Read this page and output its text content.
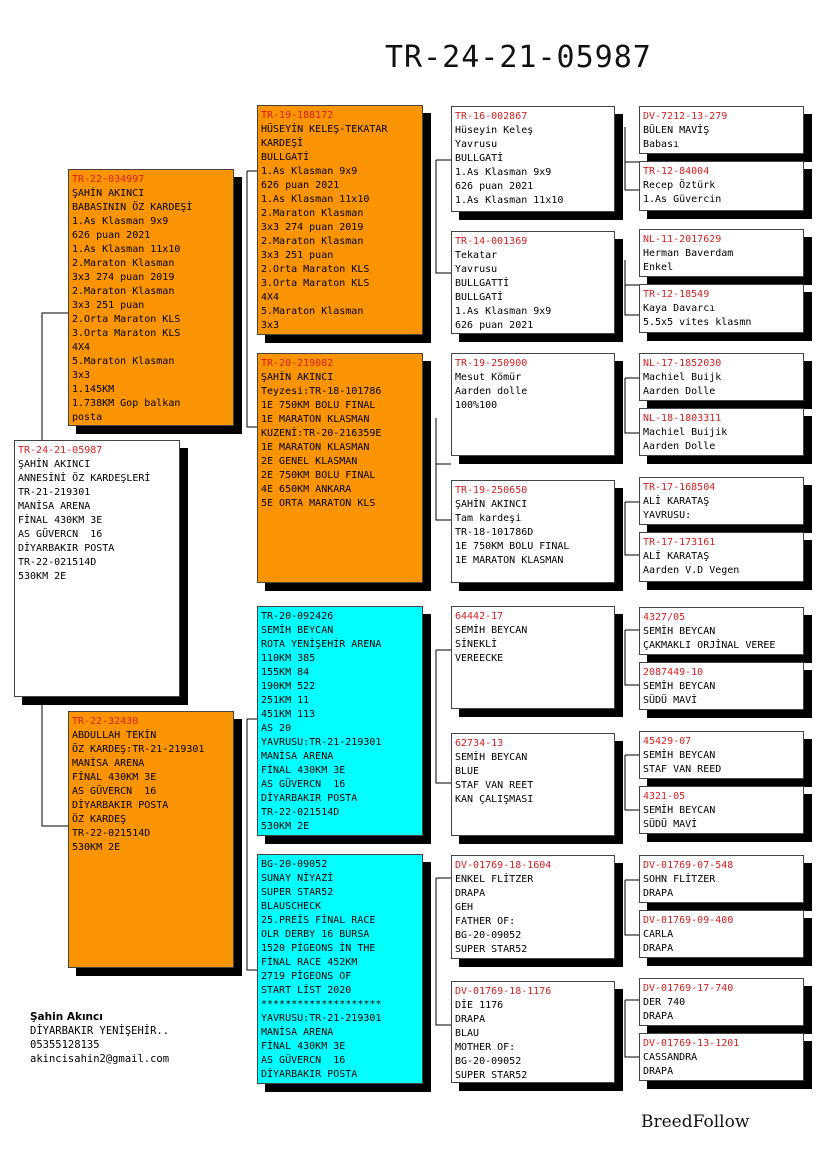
TR-24-21-05987
TR-24-21-05987
ŞAHİN AKINCI
ANNESİNİ ÖZ KARDEŞLERİ
TR-21-219301
MANİSA ARENA
FİNAL 430KM 3E
AS GÜVERCN  16
DİYARBAKIR POSTA
TR-22-021514D
530KM 2E
TR-22-034997
ŞAHİN AKINCI
BABASININ ÖZ KARDEŞİ
1.As Klasman 9x9
626 puan 2021
1.As Klasman 11x10
2.Maraton Klasman
3x3 274 puan 2019
2.Maraton Klasman
3x3 251 puan
2.Orta Maraton KLS
3.Orta Maraton KLS
4X4
5.Maraton Klasman
3x3
1.145KM
1.738KM Gop balkan
posta
TR-22-32430
ABDULLAH TEKİN
ÖZ KARDEŞ:TR-21-219301
MANİSA ARENA
FİNAL 430KM 3E
AS GÜVERCN  16
DİYARBAKIR POSTA
ÖZ KARDEŞ
TR-22-021514D
530KM 2E
TR-19-188172
HÜSEYİN KELEŞ-TEKATAR
KARDEŞİ
BULLGATİ
1.As Klasman 9x9
626 puan 2021
1.As Klasman 11x10
2.Maraton Klasman
3x3 274 puan 2019
2.Maraton Klasman
3x3 251 puan
2.Orta Maraton KLS
3.Orta Maraton KLS
4X4
5.Maraton Klasman
3x3
TR-20-219082
ŞAHİN AKINCI
Teyzesi:TR-18-101786
1E 750KM BOLU FINAL
1E MARATON KLASMAN
KUZENİ:TR-20-216359E
1E MARATON KLASMAN
2E GENEL KLASMAN
2E 750KM BOLU FINAL
4E 650KM ANKARA
5E ORTA MARATON KLS
TR-20-092426
SEMİH BEYCAN
ROTA YENİŞEHİR ARENA
110KM 385
155KM 84
190KM 522
251KM 11
451KM 113
AS 20
YAVRUSU:TR-21-219301
MANİSA ARENA
FİNAL 430KM 3E
AS GÜVERCN  16
DİYARBAKIR POSTA
TR-22-021514D
530KM 2E
BG-20-09052
SUNAY NİYAZİ
SUPER STAR52
BLAUSCHECK
25.PREİS FİNAL RACE
OLR DERBY 16 BURSA
1520 PİGEONS İN THE
FİNAL RACE 452KM
2719 PİGEONS OF
START LİST 2020
********************
YAVRUSU:TR-21-219301
MANİSA ARENA
FİNAL 430KM 3E
AS GÜVERCN  16
DİYARBAKIR POSTA
TR-16-002867
Hüseyin Keleş
Yavrusu
BULLGATİ
1.As Klasman 9x9
626 puan 2021
1.As Klasman 11x10
TR-14-001369
Tekatar
Yavrusu
BULLGATTİ
BULLGATİ
1.As Klasman 9x9
626 puan 2021
TR-19-250900
Mesut Kömür
Aarden dolle
100%100
TR-19-250650
ŞAHİN AKINCI
Tam kardeşi
TR-18-101786D
1E 750KM BOLU FINAL
1E MARATON KLASMAN
64442-17
SEMİH BEYCAN
SİNEKLİ
VEREECKE
62734-13
SEMİH BEYCAN
BLUE
STAF VAN REET
KAN ÇALIŞMASI
DV-01769-18-1604
ENKEL FLİTZER
DRAPA
GEH
FATHER OF:
BG-20-09052
SUPER STAR52
DV-01769-18-1176
DİE 1176
DRAPA
BLAU
MOTHER OF:
BG-20-09052
SUPER STAR52
DV-7212-13-279
BÜLEN MAVİŞ
Babası
TR-12-84004
Recep Öztürk
1.As Güvercin
NL-11-2017629
Herman Baverdam
Enkel
TR-12-18549
Kaya Davarcı
5.5x5 vites klasmn
NL-17-1852030
Machiel Buijk
Aarden Dolle
NL-18-1803311
Machiel Buijik
Aarden Dolle
TR-17-168504
ALİ KARATAŞ
YAVRUSU:
TR-17-173161
ALİ KARATAŞ
Aarden V.D Vegen
4327/05
SEMİH BEYCAN
ÇAKMAKLI ORJİNAL VEREE
2087449-10
SEMİH BEYCAN
SÜDÜ MAVİ
45429-07
SEMİH BEYCAN
STAF VAN REED
4321-05
SEMİH BEYCAN
SÜDÜ MAVİ
DV-01769-07-548
SOHN FLİTZER
DRAPA
DV-01769-09-400
CARLA
DRAPA
DV-01769-17-740
DER 740
DRAPA
DV-01769-13-1201
CASSANDRA
DRAPA
Şahin Akıncı
DİYARBAKIR YENİŞEHİR..
05355128135
akincisahin2@gmail.com
BreedFollow
